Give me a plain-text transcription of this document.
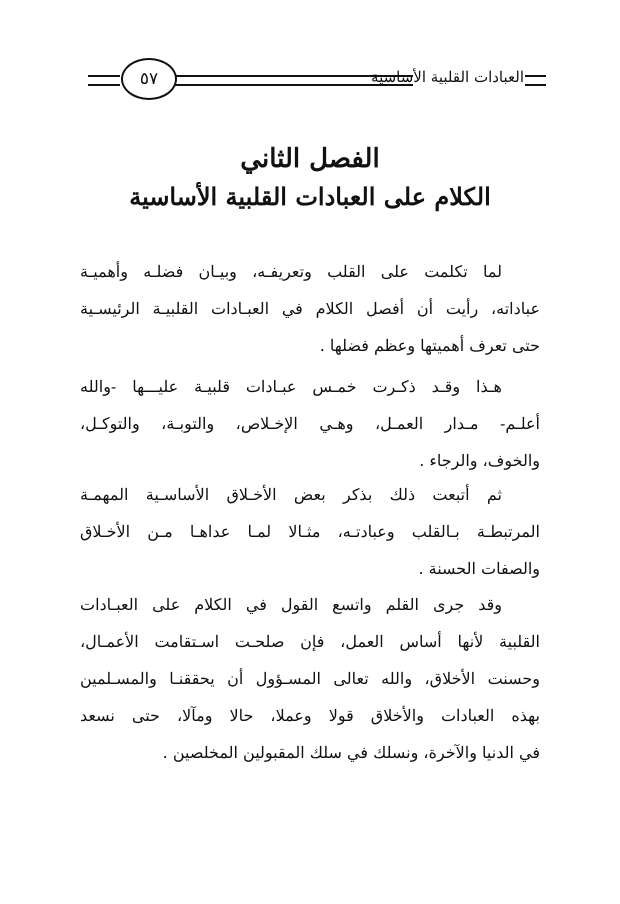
٥٧	العبادات القلبية الأساسية
الفصل الثاني
الكلام على العبادات القلبية الأساسية
لما تكلمت على القلب وتعريفـه، وبيـان فضلـه وأهميـة
عباداته، رأيت أن أفصل الكلام في العبـادات القلبيـة الرئيسـية
حتى تعرف أهميتها وعظم فضلها .
هـذا وقـد ذكـرت خمـس عبـادات قلبيـة عليـــها -والله
أعلـم- مـدار العمـل، وهـي الإخـلاص، والتوبـة، والتوكـل،
والخوف، والرجاء .
ثم أتبعت ذلك بذكر بعض الأخـلاق الأساسـية المهمـة
المرتبطـة بـالقلب وعبادتـه، مثـالا لمـا عداهـا مـن الأخـلاق
والصفات الحسنة .
وقد جرى القلم واتسع القول في الكلام على العبـادات
القلبية لأنها أساس العمل، فإن صلحـت اسـتقامت الأعمـال،
وحسنت الأخلاق، والله تعالى المسـؤول أن يحققنـا والمسـلمين
بهذه العبادات والأخلاق قولا وعملا، حالا ومآلا، حتى نسعد
في الدنيا والآخرة، ونسلك في سلك المقبولين المخلصين .
